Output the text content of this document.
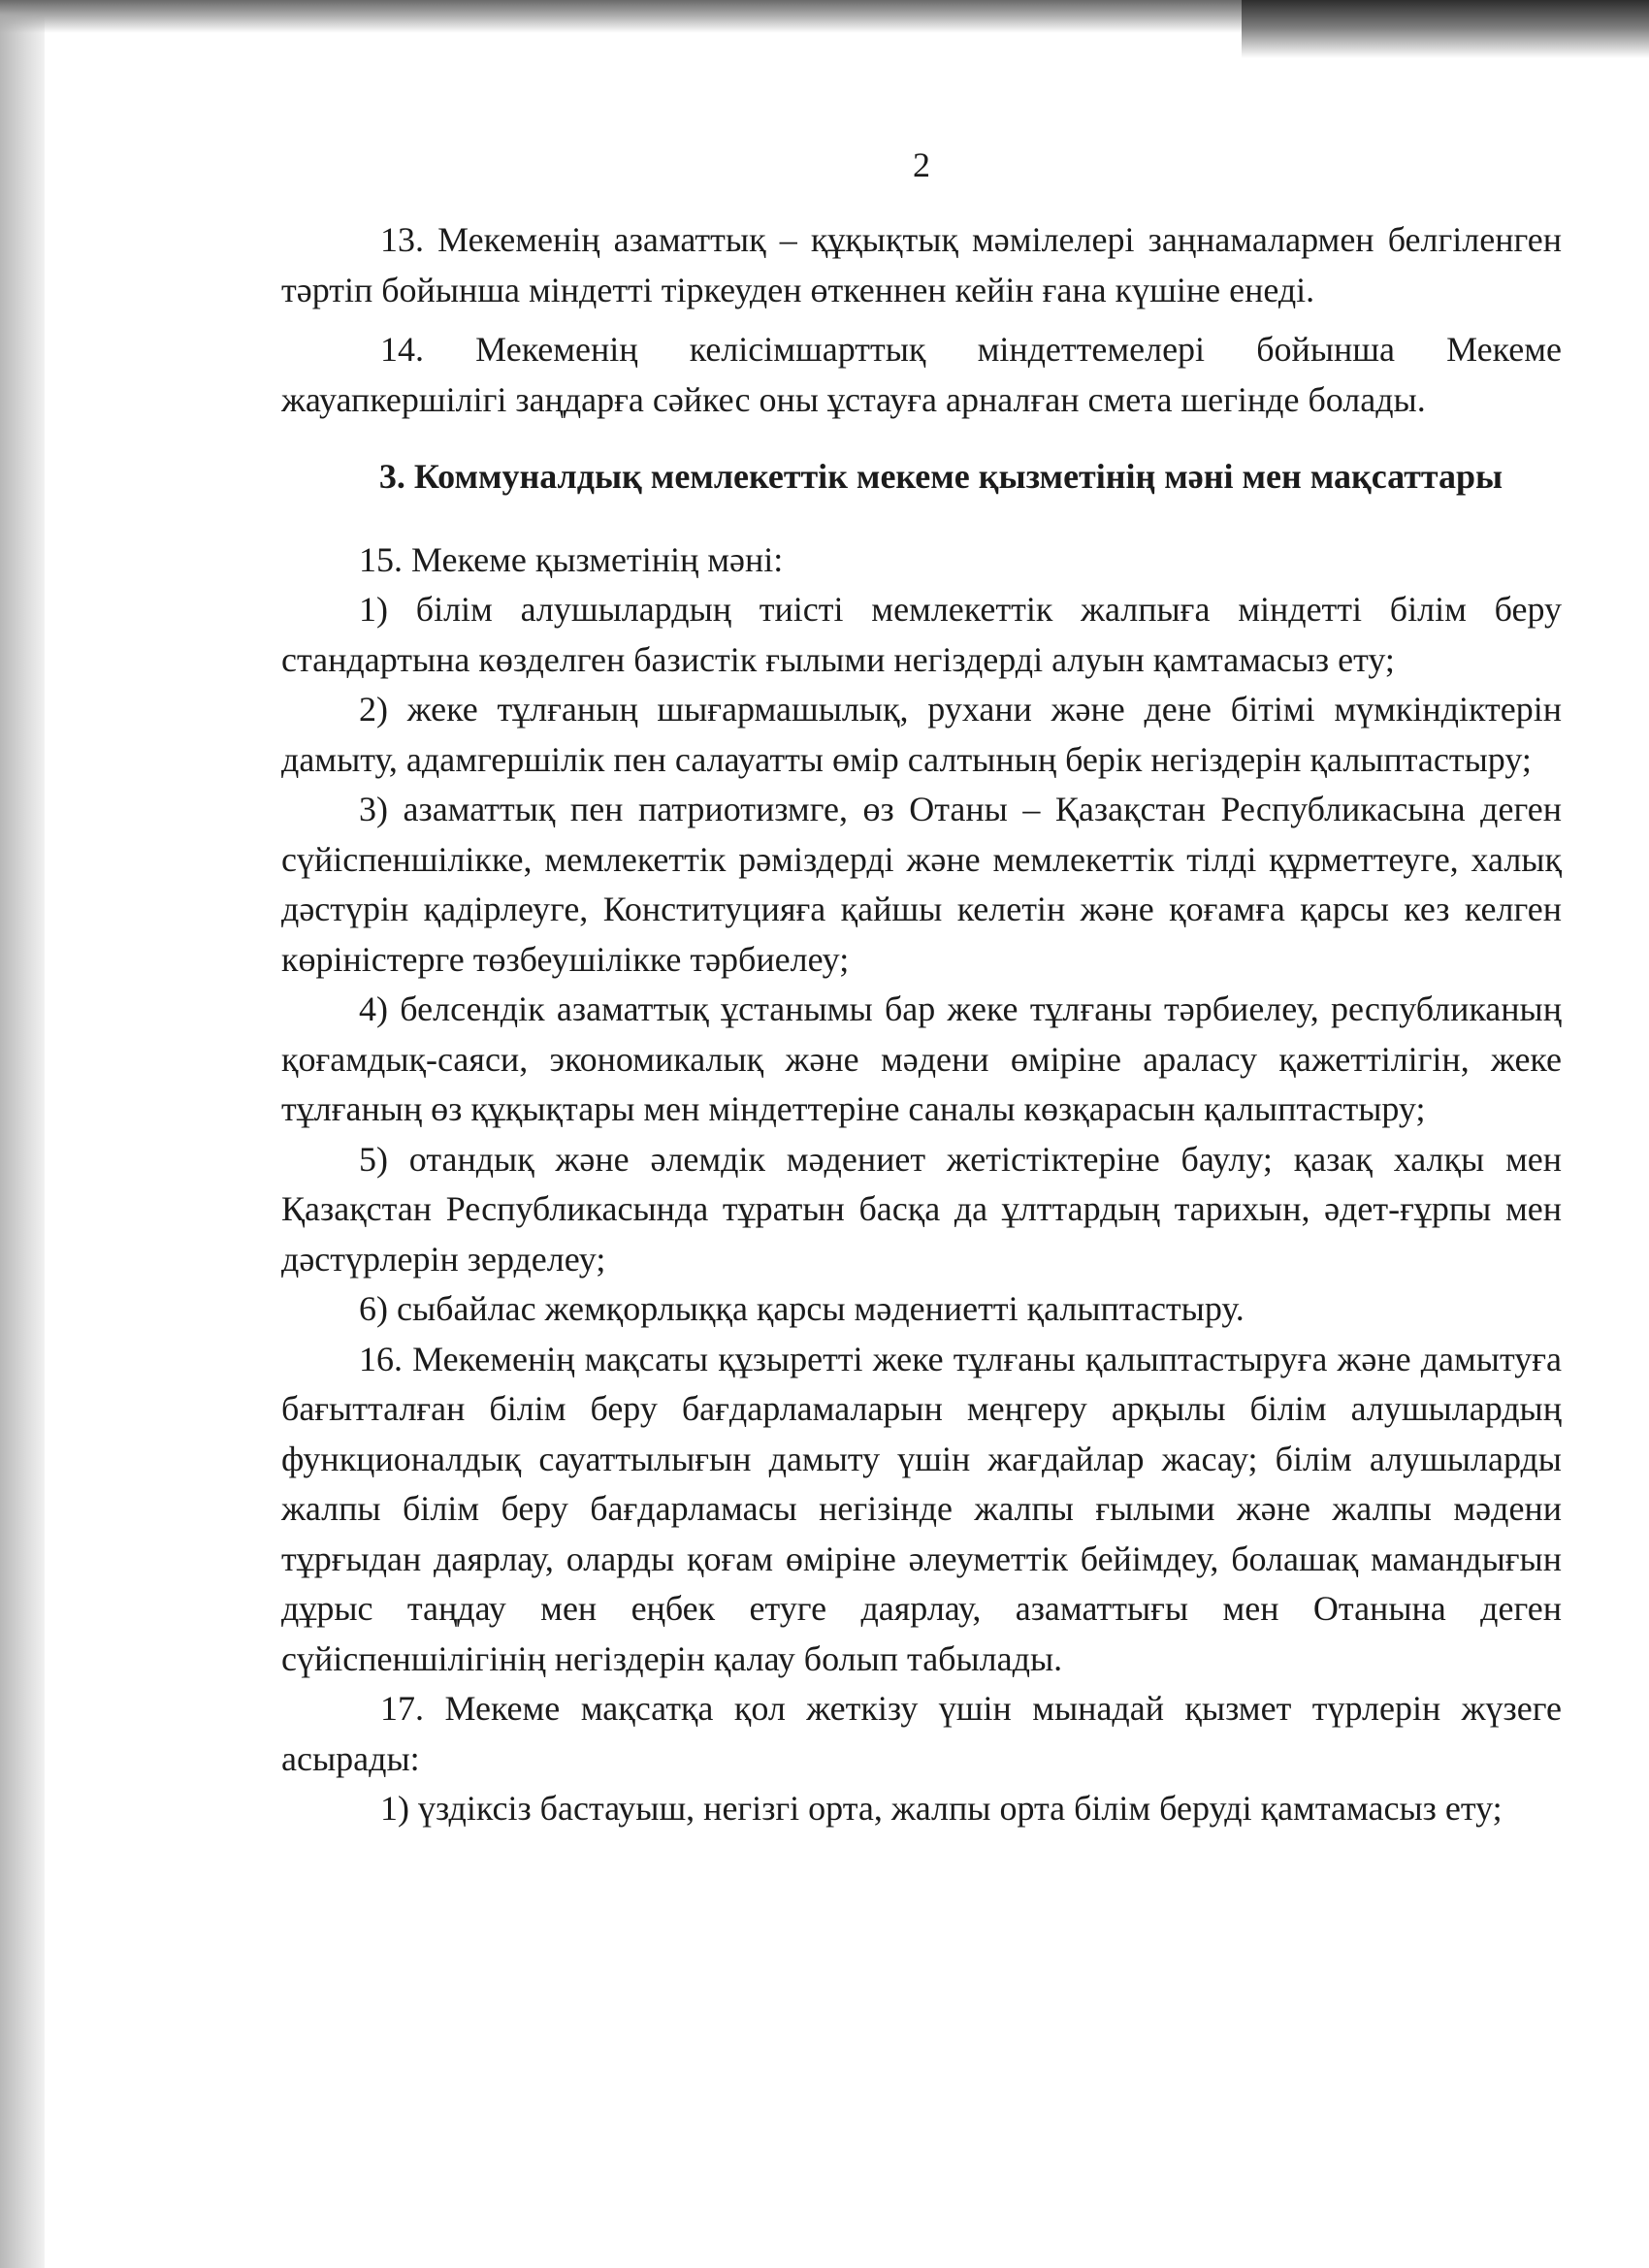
2

13. Мекеменің азаматтық – құқықтық мәмілелері заңнамалармен белгіленген тәртіп бойынша міндетті тіркеуден өткеннен кейін ғана күшіне енеді.

14. Мекеменің келісімшарттық міндеттемелері бойынша Мекеме жауапкершілігі заңдарға сәйкес оны ұстауға арналған смета шегінде болады.

3. Коммуналдық мемлекеттік мекеме қызметінің мәні мен мақсаттары

15. Мекеме қызметінің мәні:

1) білім алушылардың тиісті мемлекеттік жалпыға міндетті білім беру стандартына көзделген базистік ғылыми негіздерді алуын қамтамасыз ету;

2) жеке тұлғаның шығармашылық, рухани және дене бітімі мүмкіндіктерін дамыту, адамгершілік пен салауатты өмір салтының берік негіздерін қалыптастыру;

3) азаматтық пен патриотизмге, өз Отаны – Қазақстан Республикасына деген сүйіспеншілікке, мемлекеттік рәміздерді және мемлекеттік тілді құрметтеуге, халық дәстүрін қадірлеуге, Конституцияға қайшы келетін және қоғамға қарсы кез келген көріністерге төзбеушілікке тәрбиелеу;

4) белсендік азаматтық ұстанымы бар жеке тұлғаны тәрбиелеу, республиканың қоғамдық-саяси, экономикалық және мәдени өміріне араласу қажеттілігін, жеке тұлғаның өз құқықтары мен міндеттеріне саналы көзқарасын қалыптастыру;

5) отандық және әлемдік мәдениет жетістіктеріне баулу; қазақ халқы мен Қазақстан Республикасында тұратын басқа да ұлттардың тарихын, әдет-ғұрпы мен дәстүрлерін зерделеу;

6) сыбайлас жемқорлыққа қарсы мәдениетті қалыптастыру.

16. Мекеменің мақсаты құзыретті жеке тұлғаны қалыптастыруға және дамытуға бағытталған білім беру бағдарламаларын меңгеру арқылы білім алушылардың функционалдық сауаттылығын дамыту үшін жағдайлар жасау; білім алушыларды жалпы білім беру бағдарламасы негізінде жалпы ғылыми және жалпы мәдени тұрғыдан даярлау, оларды қоғам өміріне әлеуметтік бейімдеу, болашақ мамандығын дұрыс таңдау мен еңбек етуге даярлау, азаматтығы мен Отанына деген сүйіспеншілігінің негіздерін қалау болып табылады.

17. Мекеме мақсатқа қол жеткізу үшін мынадай қызмет түрлерін жүзеге асырады:

1) үздіксіз бастауыш, негізгі орта, жалпы орта білім беруді қамтамасыз ету;
